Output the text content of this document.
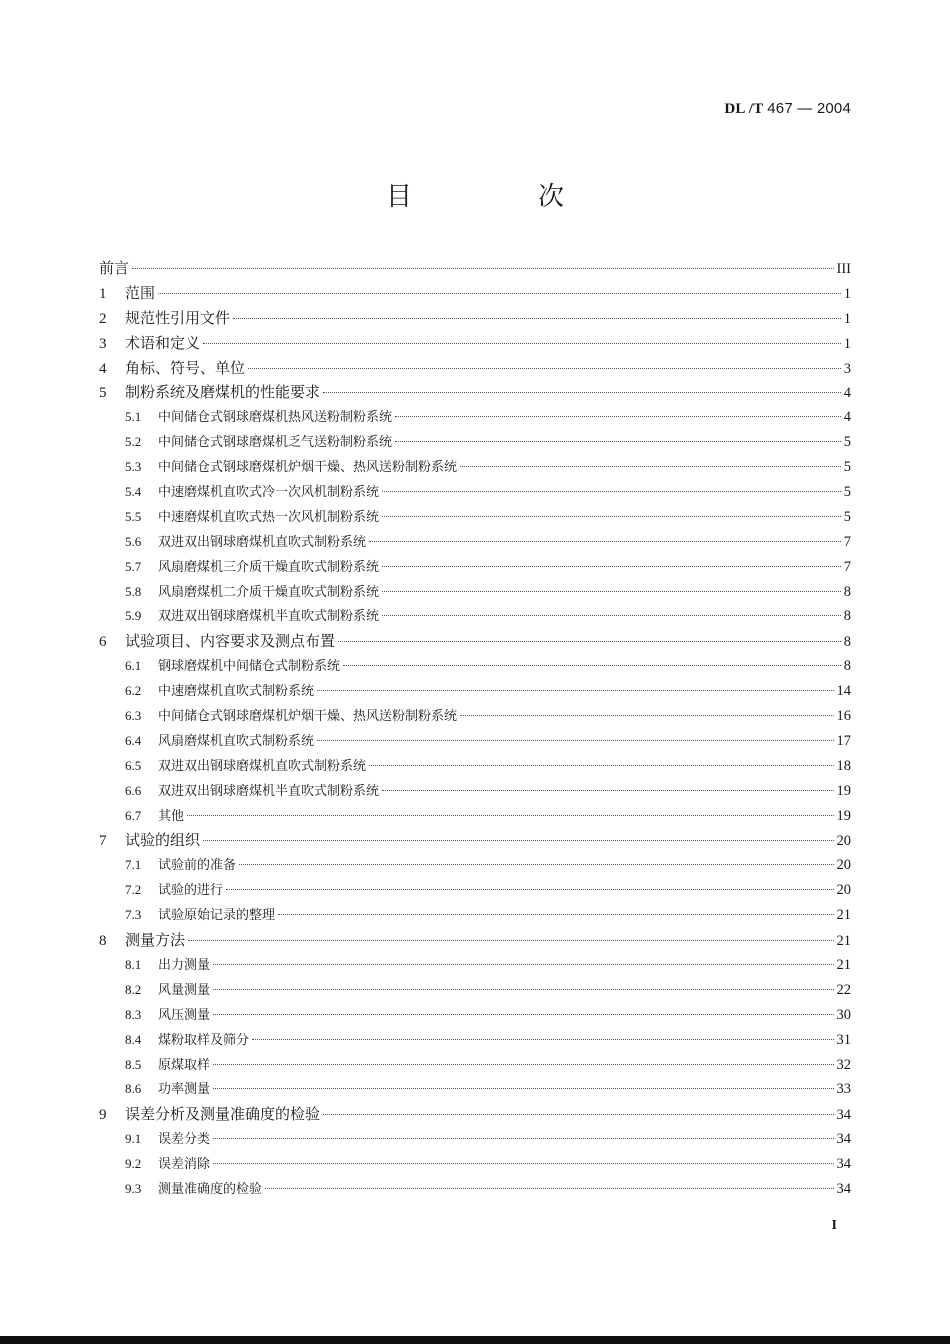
DL /T 467 — 2004
目　次
前言	III
1	范围	1
2	规范性引用文件	1
3	术语和定义	1
4	角标、符号、单位	3
5	制粉系统及磨煤机的性能要求	4
5.1	中间储仓式钢球磨煤机热风送粉制粉系统	4
5.2	中间储仓式钢球磨煤机乏气送粉制粉系统	5
5.3	中间储仓式钢球磨煤机炉烟干燥、热风送粉制粉系统	5
5.4	中速磨煤机直吹式冷一次风机制粉系统	5
5.5	中速磨煤机直吹式热一次风机制粉系统	5
5.6	双进双出钢球磨煤机直吹式制粉系统	7
5.7	风扇磨煤机三介质干燥直吹式制粉系统	7
5.8	风扇磨煤机二介质干燥直吹式制粉系统	8
5.9	双进双出钢球磨煤机半直吹式制粉系统	8
6	试验项目、内容要求及测点布置	8
6.1	钢球磨煤机中间储仓式制粉系统	8
6.2	中速磨煤机直吹式制粉系统	14
6.3	中间储仓式钢球磨煤机炉烟干燥、热风送粉制粉系统	16
6.4	风扇磨煤机直吹式制粉系统	17
6.5	双进双出钢球磨煤机直吹式制粉系统	18
6.6	双进双出钢球磨煤机半直吹式制粉系统	19
6.7	其他	19
7	试验的组织	20
7.1	试验前的准备	20
7.2	试验的进行	20
7.3	试验原始记录的整理	21
8	测量方法	21
8.1	出力测量	21
8.2	风量测量	22
8.3	风压测量	30
8.4	煤粉取样及筛分	31
8.5	原煤取样	32
8.6	功率测量	33
9	误差分析及测量准确度的检验	34
9.1	误差分类	34
9.2	误差消除	34
9.3	测量准确度的检验	34
I
